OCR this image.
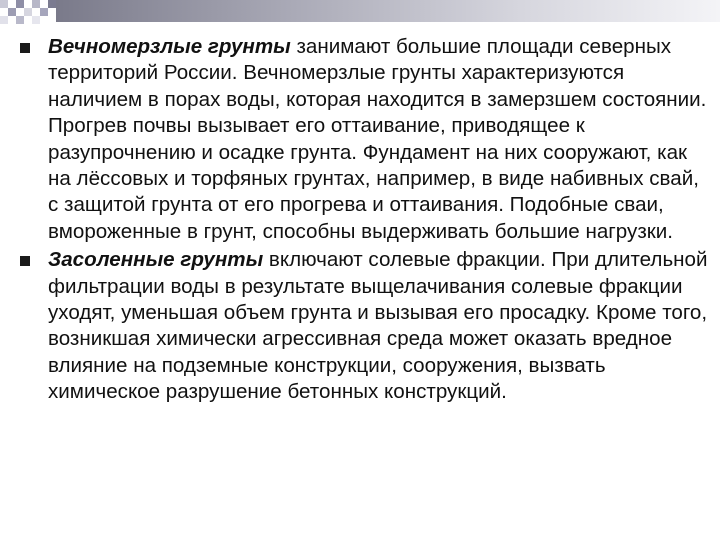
Вечномерзлые грунты занимают большие площади северных территорий России. Вечномерзлые грунты характеризуются наличием в порах воды, которая находится в замерзшем состоянии. Прогрев почвы вызывает его оттаивание, приводящее к разупрочнению и осадке грунта. Фундамент на них сооружают, как на лёссовых и торфяных грунтах, например, в виде набивных свай, с защитой грунта от его прогрева и оттаивания. Подобные сваи, вмороженные в грунт, способны выдерживать большие нагрузки.
Засоленные грунты включают солевые фракции. При длительной фильтрации воды в результате выщелачивания солевые фракции уходят, уменьшая объем грунта и вызывая его просадку. Кроме того, возникшая химически агрессивная среда может оказать вредное влияние на подземные конструкции, сооружения, вызвать химическое разрушение бетонных конструкций.
